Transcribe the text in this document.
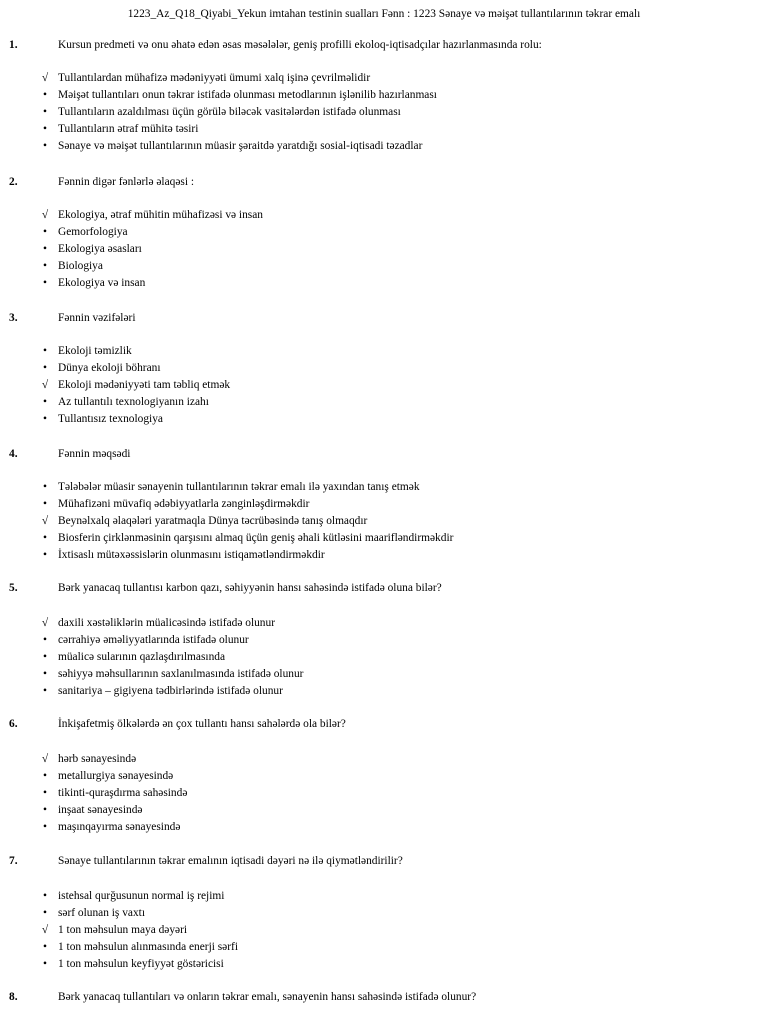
1223_Az_Q18_Qiyabi_Yekun imtahan testinin sualları Fənn : 1223 Sənaye və məişət tullantılarının təkrar emalı
1.	Kursun predmeti və onu əhatə edən əsas məsələlər, geniş profilli ekoloq-iqtisadçılar hazırlanmasında rolu:
√ Tullantılardan mühafizə mədəniyyəti ümumi xalq işinə çevrilməlidir
• Məişət tullantıları onun təkrar istifadə olunması metodlarının işlənilib hazırlanması
• Tullantıların azaldılması üçün görülə biləcək vasitələrdən istifadə olunması
• Tullantıların ətraf mühitə təsiri
• Sənaye və məişət tullantılarının müasir şəraitdə yaratdığı sosial-iqtisadi təzadlar
2.	Fənnin digər fənlərlə əlaqəsi :
√ Ekologiya, ətraf mühitin mühafizəsi və insan
• Gemorfologiya
• Ekologiya əsasları
• Biologiya
• Ekologiya və insan
3.	Fənnin vəzifələri
• Ekoloji təmizlik
• Dünya ekoloji böhranı
√ Ekoloji mədəniyyəti tam təbliq etmək
• Az tullantılı texnologiyanın izahı
• Tullantısız texnologiya
4.	Fənnin məqsədi
• Tələbələr müasir sənayenin tullantılarının təkrar emalı ilə yaxından tanış etmək
• Mühafizəni müvafiq ədəbiyyatlarla zənginləşdirməkdir
√ Beynəlxalq əlaqələri yaratmaqla Dünya təcrübəsində tanış olmaqdır
• Biosferin çirklənməsinin qarşısını almaq üçün geniş əhali kütləsini maarifləndirməkdir
• İxtisaslı mütəxəssislərin olunmasını istiqamətləndirməkdir
5.	Bərk yanacaq tullantısı karbon qazı, səhiyyənin hansı sahəsində istifadə oluna bilər?
√ daxili xəstəliklərin müalicəsində istifadə olunur
• cərrahiyə əməliyyatlarında istifadə olunur
• müalicə sularının qazlaşdırılmasında
• səhiyyə məhsullarının saxlanılmasında istifadə olunur
• sanitariya – gigiyena tədbirlərində istifadə olunur
6.	İnkişafetmiş ölkələrdə ən çox tullantı hansı sahələrdə ola bilər?
√ hərb sənayesində
• metallurgiya sənayesində
• tikinti-quraşdırma sahəsində
• inşaat sənayesində
• maşınqayırma sənayesində
7.	Sənaye tullantılarının təkrar emalının iqtisadi dəyəri nə ilə qiymətləndirilir?
• istehsal qurğusunun normal iş rejimi
• sərf olunan iş vaxtı
√ 1 ton məhsulun maya dəyəri
• 1 ton məhsulun alınmasında enerji sərfi
• 1 ton məhsulun keyfiyyət göstəricisi
8.	Bərk yanacaq tullantıları və onların təkrar emalı, sənayenin hansı sahəsində istifadə olunur?
